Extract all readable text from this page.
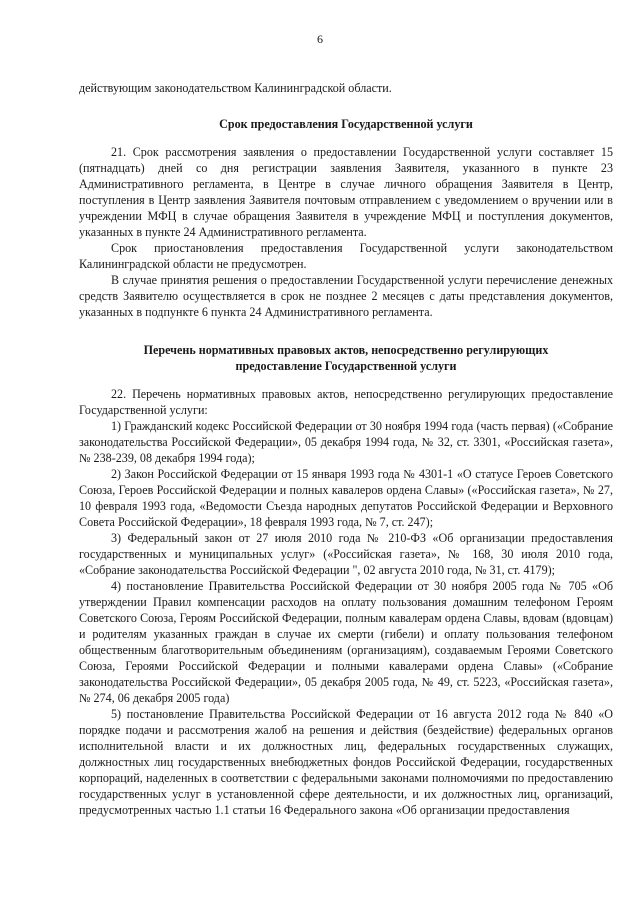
6

действующим законодательством Калининградской области.

Срок предоставления Государственной услуги

21. Срок рассмотрения заявления о предоставлении Государственной услуги составляет 15 (пятнадцать) дней со дня регистрации заявления Заявителя, указанного в пункте 23 Административного регламента, в Центре в случае личного обращения Заявителя в Центр, поступления в Центр заявления Заявителя почтовым отправлением с уведомлением о вручении или в учреждении МФЦ в случае обращения Заявителя в учреждение МФЦ и поступления документов, указанных в пункте 24 Административного регламента.

Срок приостановления предоставления Государственной услуги законодательством Калининградской области не предусмотрен.

В случае принятия решения о предоставлении Государственной услуги перечисление денежных средств Заявителю осуществляется в срок не позднее 2 месяцев с даты представления документов, указанных в подпункте 6 пункта 24 Административного регламента.

Перечень нормативных правовых актов, непосредственно регулирующих
предоставление Государственной услуги

22. Перечень нормативных правовых актов, непосредственно регулирующих предоставление Государственной услуги:

1) Гражданский кодекс Российской Федерации от 30 ноября 1994 года (часть первая) («Собрание законодательства Российской Федерации», 05 декабря 1994 года, № 32, ст. 3301, «Российская газета», № 238-239, 08 декабря 1994 года);

2) Закон Российской Федерации от 15 января 1993 года № 4301-1 «О статусе Героев Советского Союза, Героев Российской Федерации и полных кавалеров ордена Славы» («Российская газета», № 27, 10 февраля 1993 года, «Ведомости Съезда народных депутатов Российской Федерации и Верховного Совета Российской Федерации», 18 февраля 1993 года, № 7, ст. 247);

3) Федеральный закон от 27 июля 2010 года № 210-ФЗ «Об организации предоставления государственных и муниципальных услуг» («Российская газета», № 168, 30 июля 2010 года, «Собрание законодательства Российской Федерации ", 02 августа 2010 года, № 31, ст. 4179);

4) постановление Правительства Российской Федерации от 30 ноября 2005 года № 705 «Об утверждении Правил компенсации расходов на оплату пользования домашним телефоном Героям Советского Союза, Героям Российской Федерации, полным кавалерам ордена Славы, вдовам (вдовцам) и родителям указанных граждан в случае их смерти (гибели) и оплату пользования телефоном общественным благотворительным объединениям (организациям), создаваемым Героями Советского Союза, Героями Российской Федерации и полными кавалерами ордена Славы» («Собрание законодательства Российской Федерации», 05 декабря 2005 года, № 49, ст. 5223, «Российская газета», № 274, 06 декабря 2005 года)

5) постановление Правительства Российской Федерации от 16 августа 2012 года № 840 «О порядке подачи и рассмотрения жалоб на решения и действия (бездействие) федеральных органов исполнительной власти и их должностных лиц, федеральных государственных служащих, должностных лиц государственных внебюджетных фондов Российской Федерации, государственных корпораций, наделенных в соответствии с федеральными законами полномочиями по предоставлению государственных услуг в установленной сфере деятельности, и их должностных лиц, организаций, предусмотренных частью 1.1 статьи 16 Федерального закона «Об организации предоставления
